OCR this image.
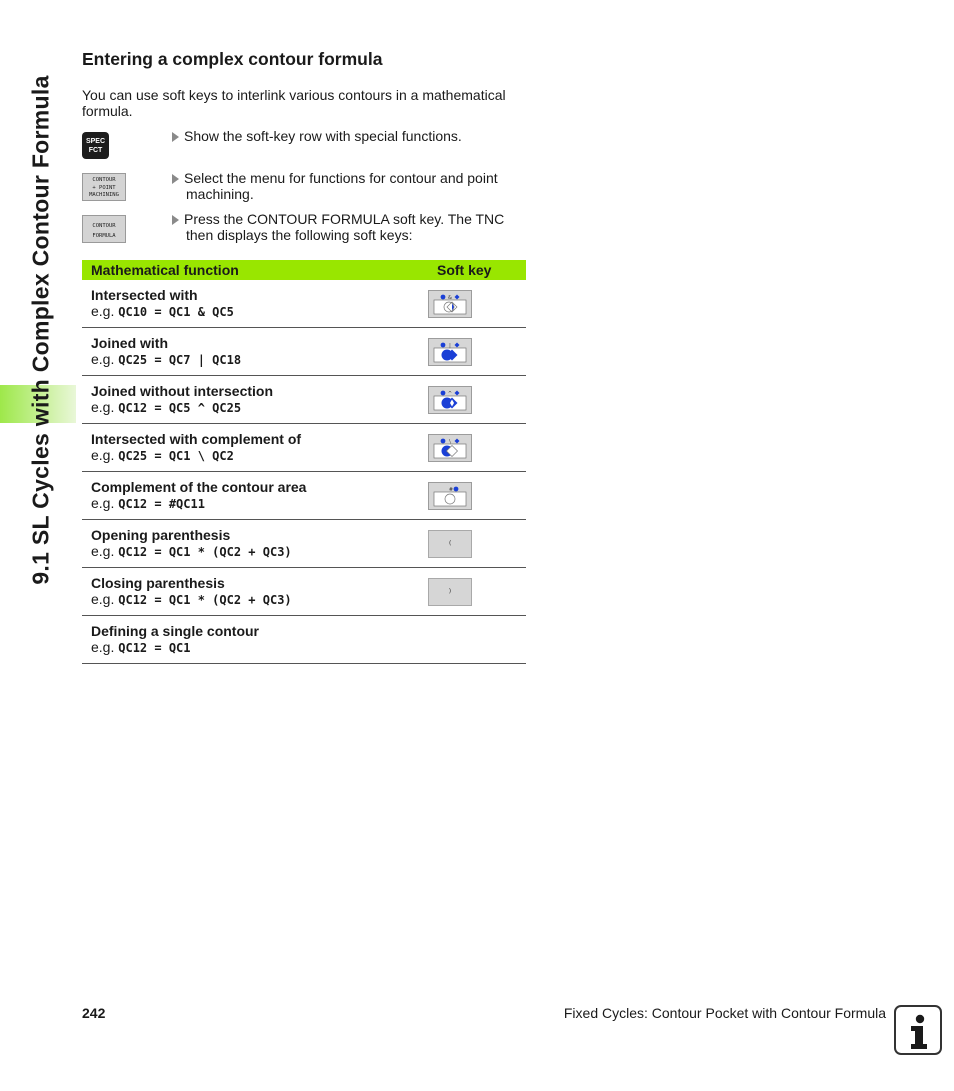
9.1 SL Cycles with Complex Contour Formula
Entering a complex contour formula

You can use soft keys to interlink various contours in a mathematical formula.

SPEC
FCT
Show the soft-key row with special functions.
CONTOUR
+ POINT
MACHINING
Select the menu for functions for contour and point
machining.
CONTOUR
FORMULA
Press the CONTOUR FORMULA soft key. The TNC
then displays the following soft keys:
Mathematical function	Soft key

Intersected with
e.g. QC10 = QC1 & QC5	&

Joined with
e.g. QC25 = QC7 | QC18	|

Joined without intersection
e.g. QC12 = QC5 ^ QC25	^

Intersected with complement of
e.g. QC25 = QC1 \ QC2	\

Complement of the contour area
e.g. QC12 = #QC11	#

Opening parenthesis
e.g. QC12 = QC1 * (QC2 + QC3)	(

Closing parenthesis
e.g. QC12 = QC1 * (QC2 + QC3)	)

Defining a single contour
e.g. QC12 = QC1	

242	Fixed Cycles: Contour Pocket with Contour Formula
